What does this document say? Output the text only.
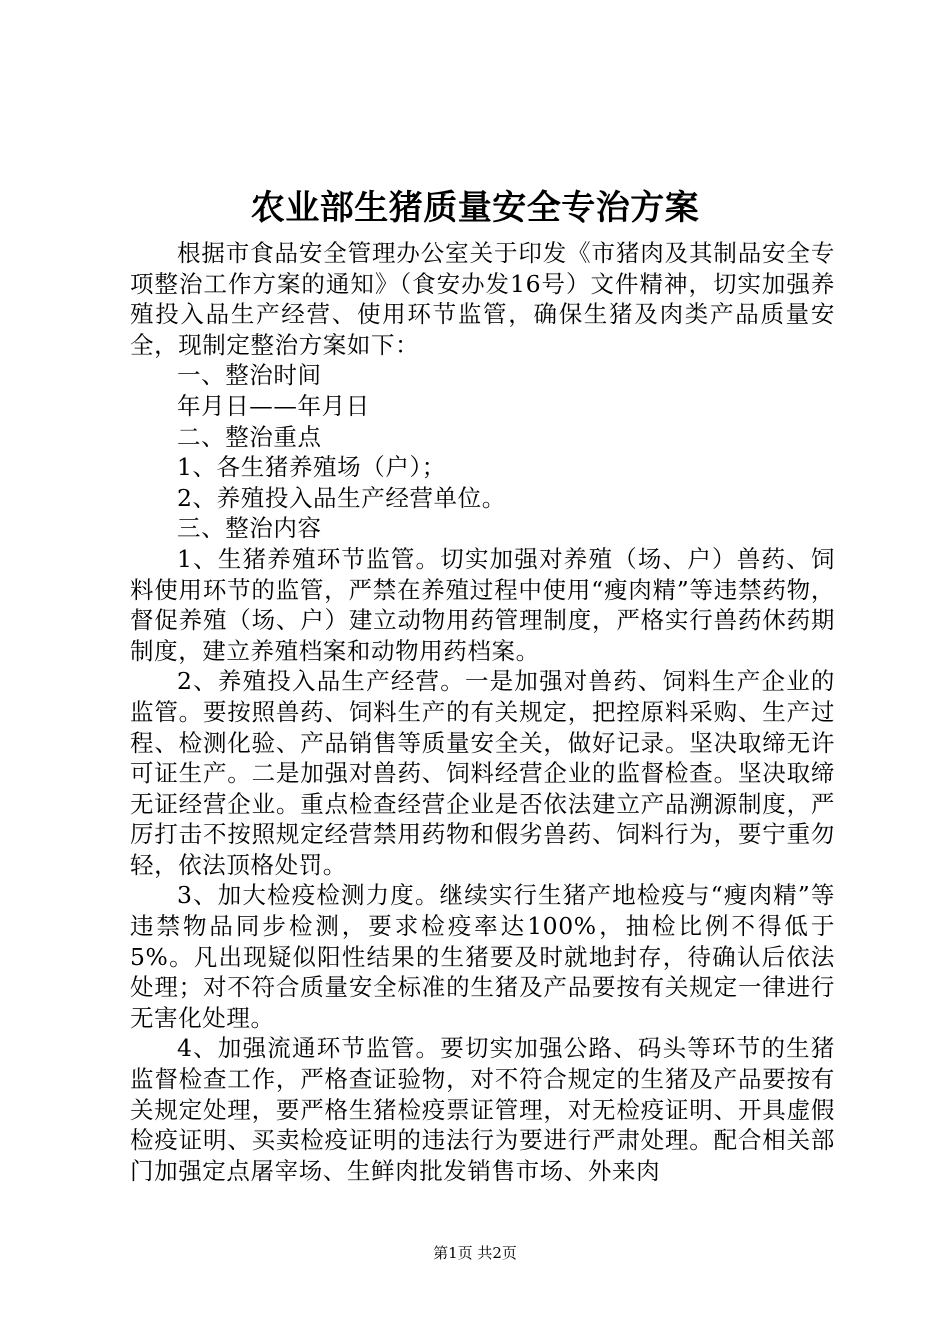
农业部生猪质量安全专治方案

根据市食品安全管理办公室关于印发《市猪肉及其制品安全专项整治工作方案的通知》（食安办发16号）文件精神，切实加强养殖投入品生产经营、使用环节监管，确保生猪及肉类产品质量安全，现制定整治方案如下：

一、整治时间

年月日——年月日

二、整治重点

1、各生猪养殖场（户）；

2、养殖投入品生产经营单位。

三、整治内容

1、生猪养殖环节监管。切实加强对养殖（场、户）兽药、饲料使用环节的监管，严禁在养殖过程中使用“瘦肉精”等违禁药物，督促养殖（场、户）建立动物用药管理制度，严格实行兽药休药期制度，建立养殖档案和动物用药档案。

2、养殖投入品生产经营。一是加强对兽药、饲料生产企业的监管。要按照兽药、饲料生产的有关规定，把控原料采购、生产过程、检测化验、产品销售等质量安全关，做好记录。坚决取缔无许可证生产。二是加强对兽药、饲料经营企业的监督检查。坚决取缔无证经营企业。重点检查经营企业是否依法建立产品溯源制度，严厉打击不按照规定经营禁用药物和假劣兽药、饲料行为，要宁重勿轻，依法顶格处罚。

3、加大检疫检测力度。继续实行生猪产地检疫与“瘦肉精”等违禁物品同步检测，要求检疫率达100%，抽检比例不得低于5%。凡出现疑似阳性结果的生猪要及时就地封存，待确认后依法处理；对不符合质量安全标准的生猪及产品要按有关规定一律进行无害化处理。

4、加强流通环节监管。要切实加强公路、码头等环节的生猪监督检查工作，严格查证验物，对不符合规定的生猪及产品要按有关规定处理，要严格生猪检疫票证管理，对无检疫证明、开具虚假检疫证明、买卖检疫证明的违法行为要进行严肃处理。配合相关部门加强定点屠宰场、生鲜肉批发销售市场、外来肉

第1页 共2页
